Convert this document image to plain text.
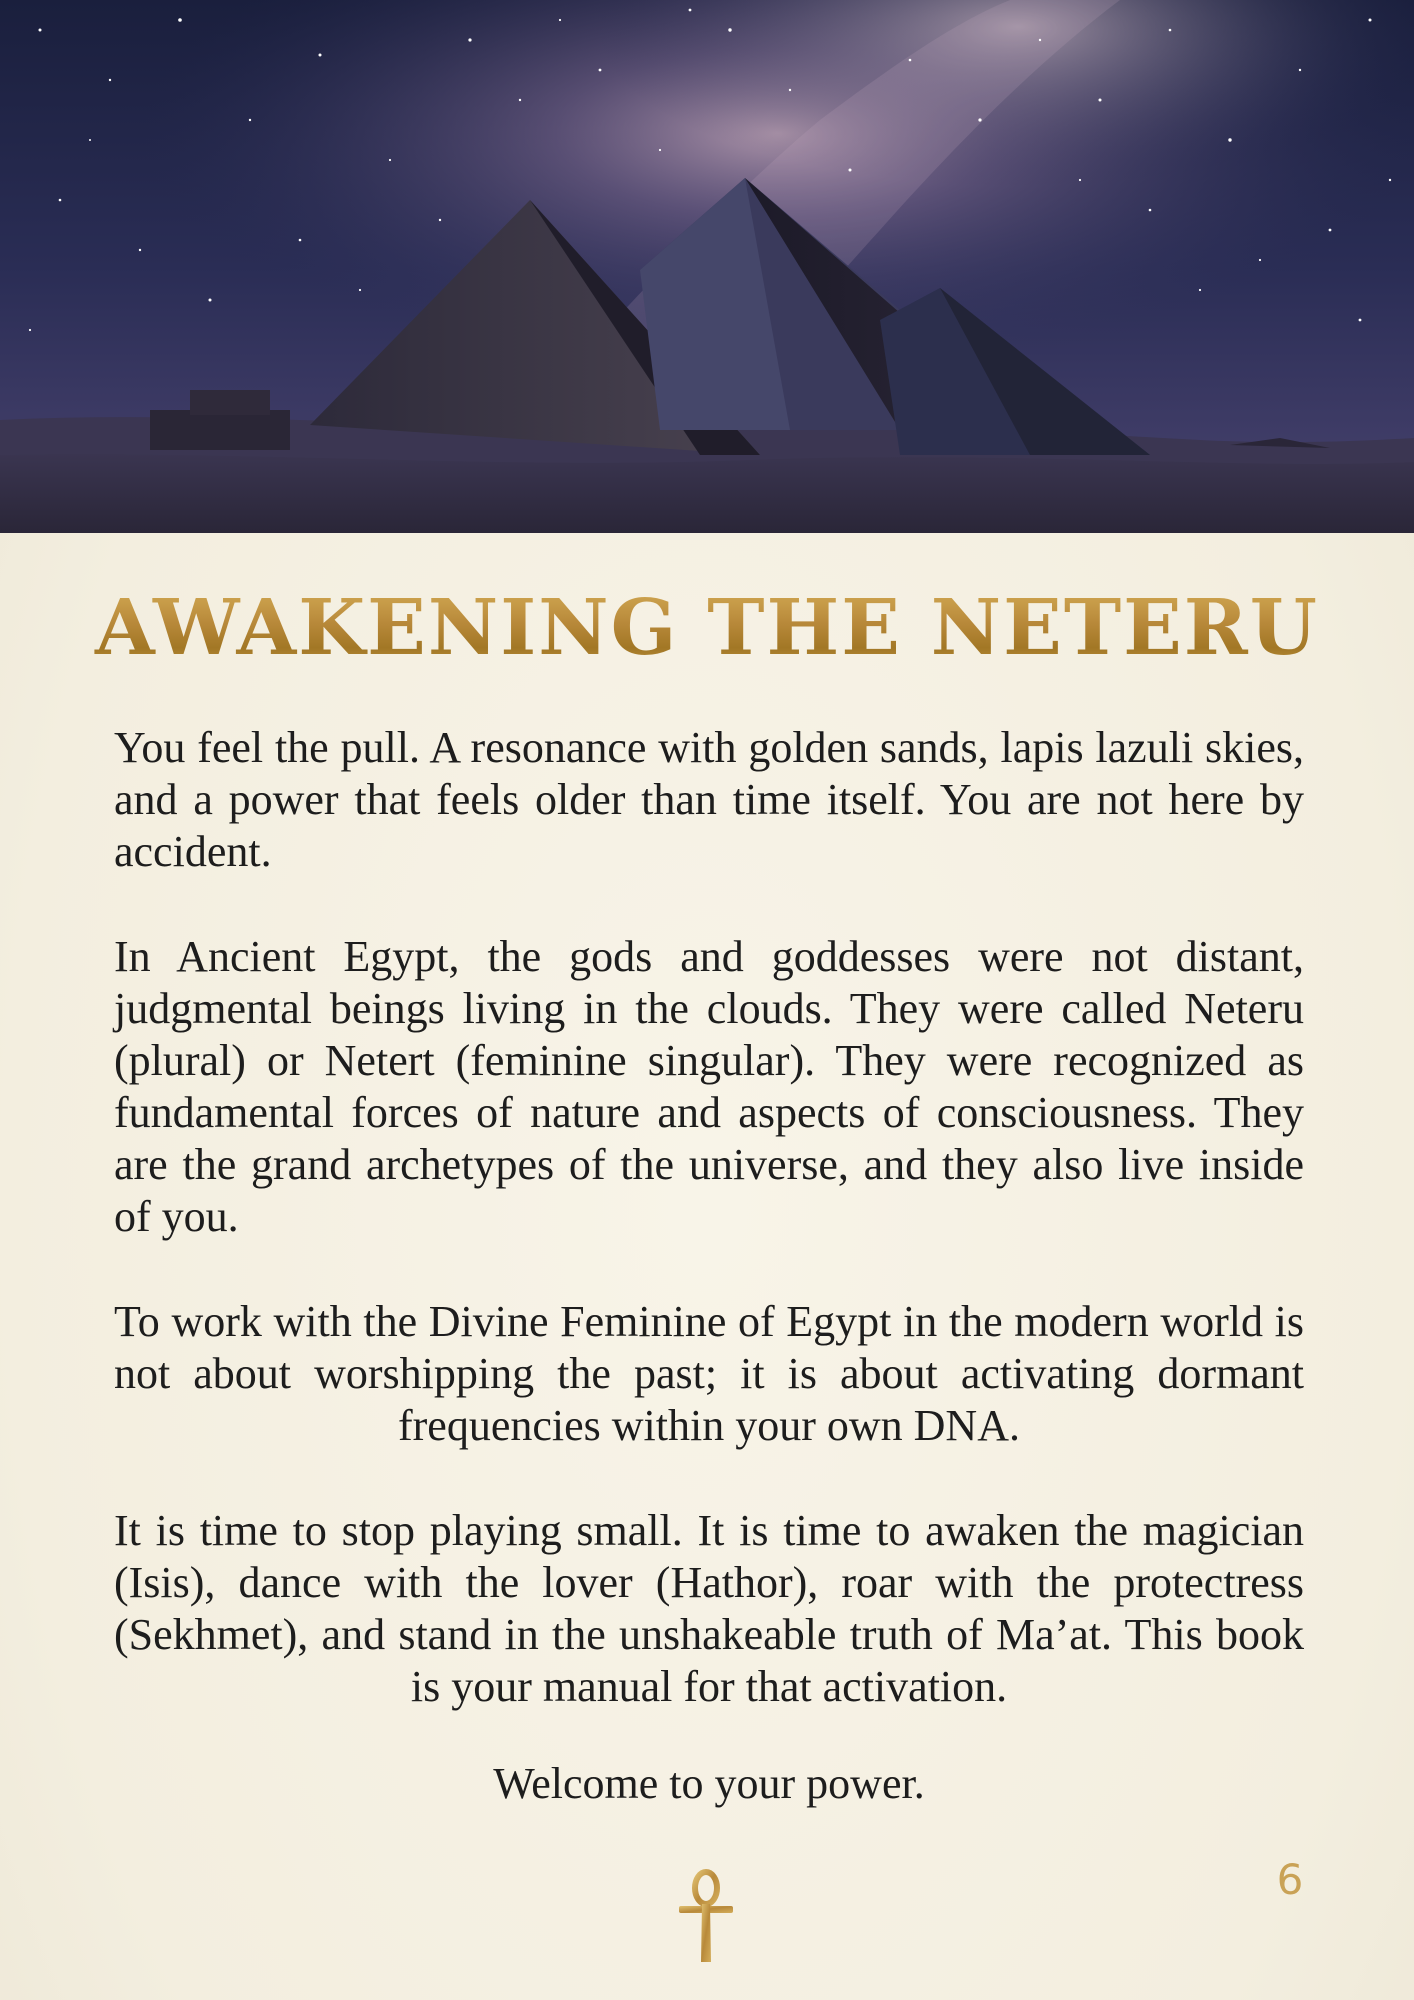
AWAKENING THE NETERU

You feel the pull. A resonance with golden sands, lapis lazuli skies, and a power that feels older than time itself. You are not here by accident.

In Ancient Egypt, the gods and goddesses were not distant, judgmental beings living in the clouds. They were called Neteru (plural) or Netert (feminine singular). They were recognized as fundamental forces of nature and aspects of consciousness. They are the grand archetypes of the universe, and they also live inside of you.

To work with the Divine Feminine of Egypt in the modern world is not about worshipping the past; it is about activating dormant frequencies within your own DNA.

It is time to stop playing small. It is time to awaken the magician (Isis), dance with the lover (Hathor), roar with the protectress (Sekhmet), and stand in the unshakeable truth of Ma’at. This book is your manual for that activation.

Welcome to your power.

6
